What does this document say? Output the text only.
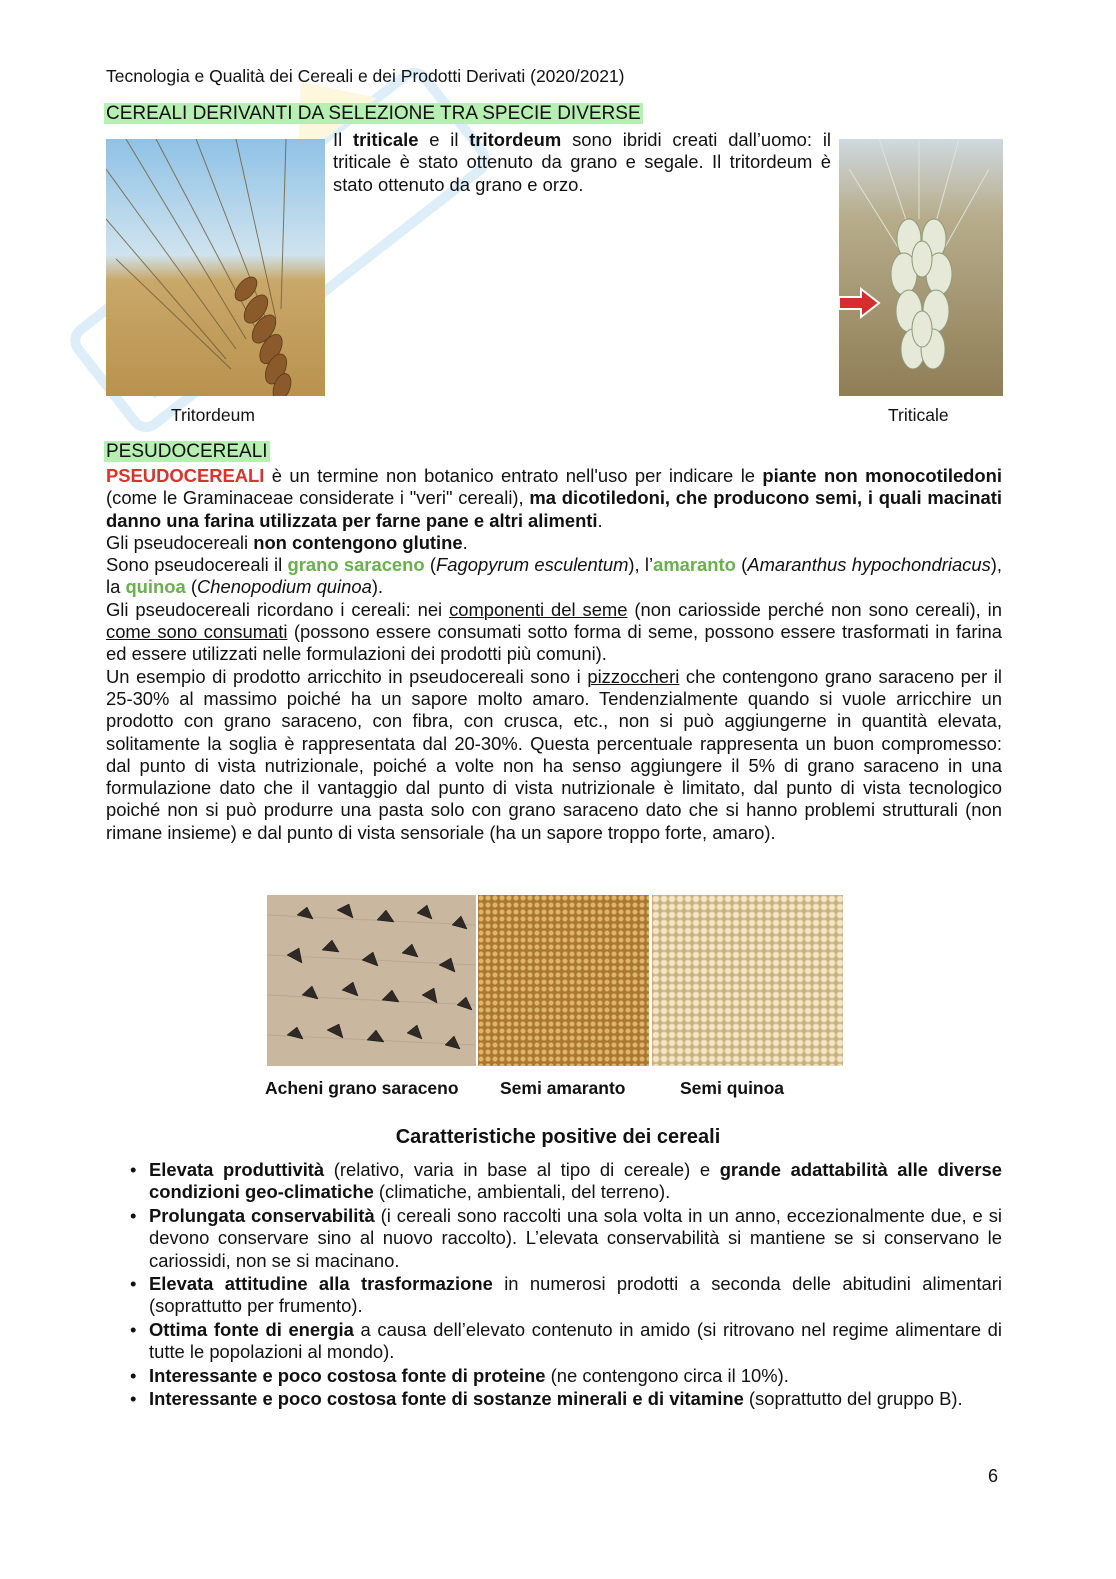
Tecnologia e Qualità dei Cereali e dei Prodotti Derivati (2020/2021)
CEREALI DERIVANTI DA SELEZIONE TRA SPECIE DIVERSE
Il triticale e il tritordeum sono ibridi creati dall’uomo: il triticale è stato ottenuto da grano e segale. Il tritordeum è stato ottenuto da grano e orzo.
Tritordeum	Triticale
PESUDOCEREALI
PSEUDOCEREALI è un termine non botanico entrato nell'uso per indicare le piante non monocotiledoni (come le Graminaceae considerate i "veri" cereali), ma dicotiledoni, che producono semi, i quali macinati danno una farina utilizzata per farne pane e altri alimenti.
Gli pseudocereali non contengono glutine.
Sono pseudocereali il grano saraceno (Fagopyrum esculentum), l’amaranto (Amaranthus hypochondriacus), la quinoa (Chenopodium quinoa).
Gli pseudocereali ricordano i cereali: nei componenti del seme (non cariosside perché non sono cereali), in come sono consumati (possono essere consumati sotto forma di seme, possono essere trasformati in farina ed essere utilizzati nelle formulazioni dei prodotti più comuni).
Un esempio di prodotto arricchito in pseudocereali sono i pizzoccheri che contengono grano saraceno per il 25-30% al massimo poiché ha un sapore molto amaro. Tendenzialmente quando si vuole arricchire un prodotto con grano saraceno, con fibra, con crusca, etc., non si può aggiungerne in quantità elevata, solitamente la soglia è rappresentata dal 20-30%. Questa percentuale rappresenta un buon compromesso: dal punto di vista nutrizionale, poiché a volte non ha senso aggiungere il 5% di grano saraceno in una formulazione dato che il vantaggio dal punto di vista nutrizionale è limitato, dal punto di vista tecnologico poiché non si può produrre una pasta solo con grano saraceno dato che si hanno problemi strutturali (non rimane insieme) e dal punto di vista sensoriale (ha un sapore troppo forte, amaro).
Acheni grano saraceno Semi amaranto	Semi quinoa
Caratteristiche positive dei cereali
• Elevata produttività (relativo, varia in base al tipo di cereale) e grande adattabilità alle diverse condizioni geo-climatiche (climatiche, ambientali, del terreno).
• Prolungata conservabilità (i cereali sono raccolti una sola volta in un anno, eccezionalmente due, e si devono conservare sino al nuovo raccolto). L’elevata conservabilità si mantiene se si conservano le cariossidi, non se si macinano.
• Elevata attitudine alla trasformazione in numerosi prodotti a seconda delle abitudini alimentari (soprattutto per frumento).
• Ottima fonte di energia a causa dell’elevato contenuto in amido (si ritrovano nel regime alimentare di tutte le popolazioni al mondo).
• Interessante e poco costosa fonte di proteine (ne contengono circa il 10%).
• Interessante e poco costosa fonte di sostanze minerali e di vitamine (soprattutto del gruppo B).
6
